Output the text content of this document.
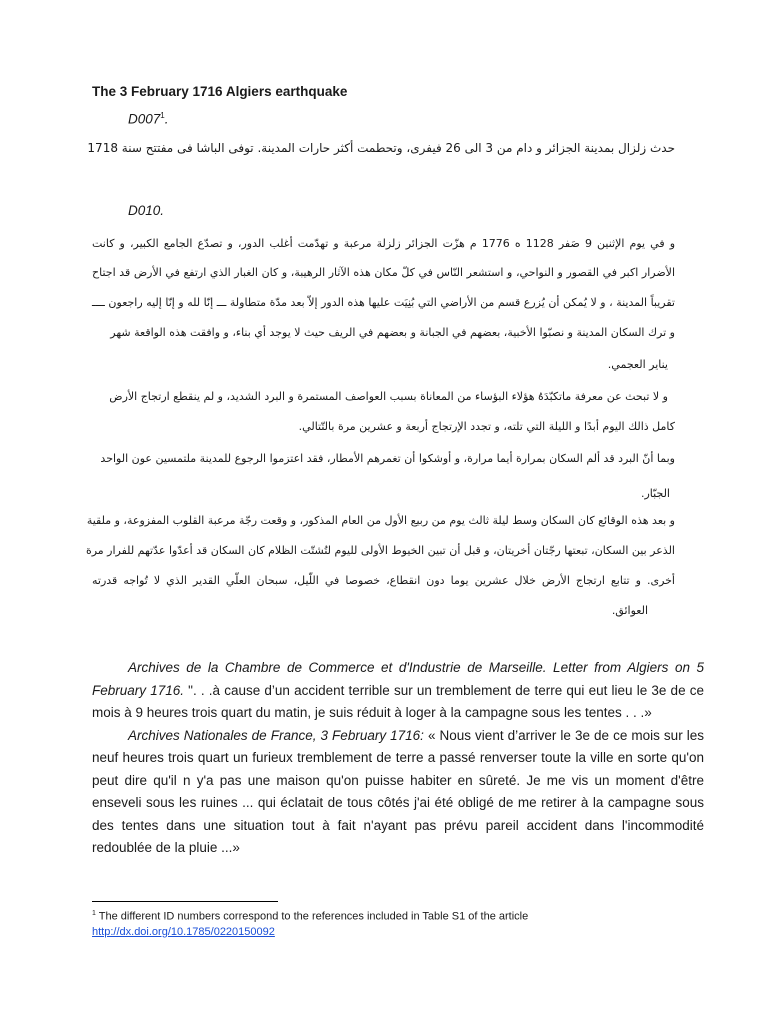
The 3 February 1716 Algiers earthquake
$D007^1$.
حدث زلزال بمدينة الجزائر و دام من 3 الى 26 فيفرى، وتحطمت أكثر حارات المدينة. توفى الباشا فى مفتتح سنة 1718
D010.
و في يوم الإثنين 9 صَفر 1128 ه 1776 م هزّت الجزائر زلزلة مرعبة و تهدّمت أغلب الدور، و تصدّع الجامع الكبير، و كانت
الأضرار اكبر في القصور و النواحي، و استشعر النّاس في كلّ مكان هذه الآثار الرهيبة، و كان الغبار الذي ارتفع في الأرض قد اجتاح
تقريباً المدينة ، و لا يُمكن أن يُزرع قسم من الأراضي التي بُنِيَت عليها هذه الدور إلاّ بعد مدّة متطاولة ـــ إنّا لله و إنّا إليه راجعون ــــ
و ترك السكان المدينة و نصبّوا الأخبية، بعضهم في الجبانة و بعضهم في الريف حيث لا يوجد أي بناء، و وافقت هذه الواقعة شهر
يناير العجمي.
و لا تبحث عن معرفة ماتكبّدَهُ هؤلاء البؤساء من المعاناة بسبب العواصف المستمرة و البرد الشديد، و لم ينقطع ارتجاج الأرض
كامل ذالك اليوم أبدًا و الليلة التي تلته، و تجدد الإرتجاج أربعة و عشرين مرة بالتّتالي.
وبما أنّ البرد قد ألم السكان بمرارة أيما مرارة، و أوشكوا أن تغمرهم الأمطار، فقد اعتزموا الرجوع للمدينة ملتمسين عون الواحد
الجبّار.
و بعد هذه الوقائع كان السكان وسط ليلة ثالث يوم من ربيع الأول من العام المذكور، و وقعت رجّة مرعبة القلوب المفزوعة، و ملقية
الذعر بين السكان، تبعتها رجّتان أخريتان، و قبل أن تبين الخيوط الأولى لليوم لتُشتّت الظلام كان السكان قد أعدّوا عدّتهم للفرار مرة
أخرى. و تتابع ارتجاج الأرض خلال عشرين يوما دون انقطاع، خصوصا في اللّيل، سبحان العلّي القدير الذي لا تُواجه قدرته
العوائق.

Archives de la Chambre de Commerce et d'Industrie de Marseille. Letter from Algiers on 5 February 1716. ". . .à cause d’un accident terrible sur un tremblement de terre qui eut lieu le 3e de ce mois à 9 heures trois quart du matin, je suis réduit à loger à la campagne sous les tentes . . .»

Archives Nationales de France, 3 February 1716: « Nous vient d’arriver le 3e de ce mois sur les neuf heures trois quart un furieux tremblement de terre a passé renverser toute la ville en sorte qu'on peut dire qu'il n y'a pas une maison qu'on puisse habiter en sûreté. Je me vis un moment d'être enseveli sous les ruines ... qui éclatait de tous côtés j'ai été obligé de me retirer à la campagne sous des tentes dans une situation tout à fait n'ayant pas prévu pareil accident dans l'incommodité redoublée de la pluie ...»

$^1$ The different ID numbers correspond to the references included in Table S1 of the article
http://dx.doi.org/10.1785/0220150092
